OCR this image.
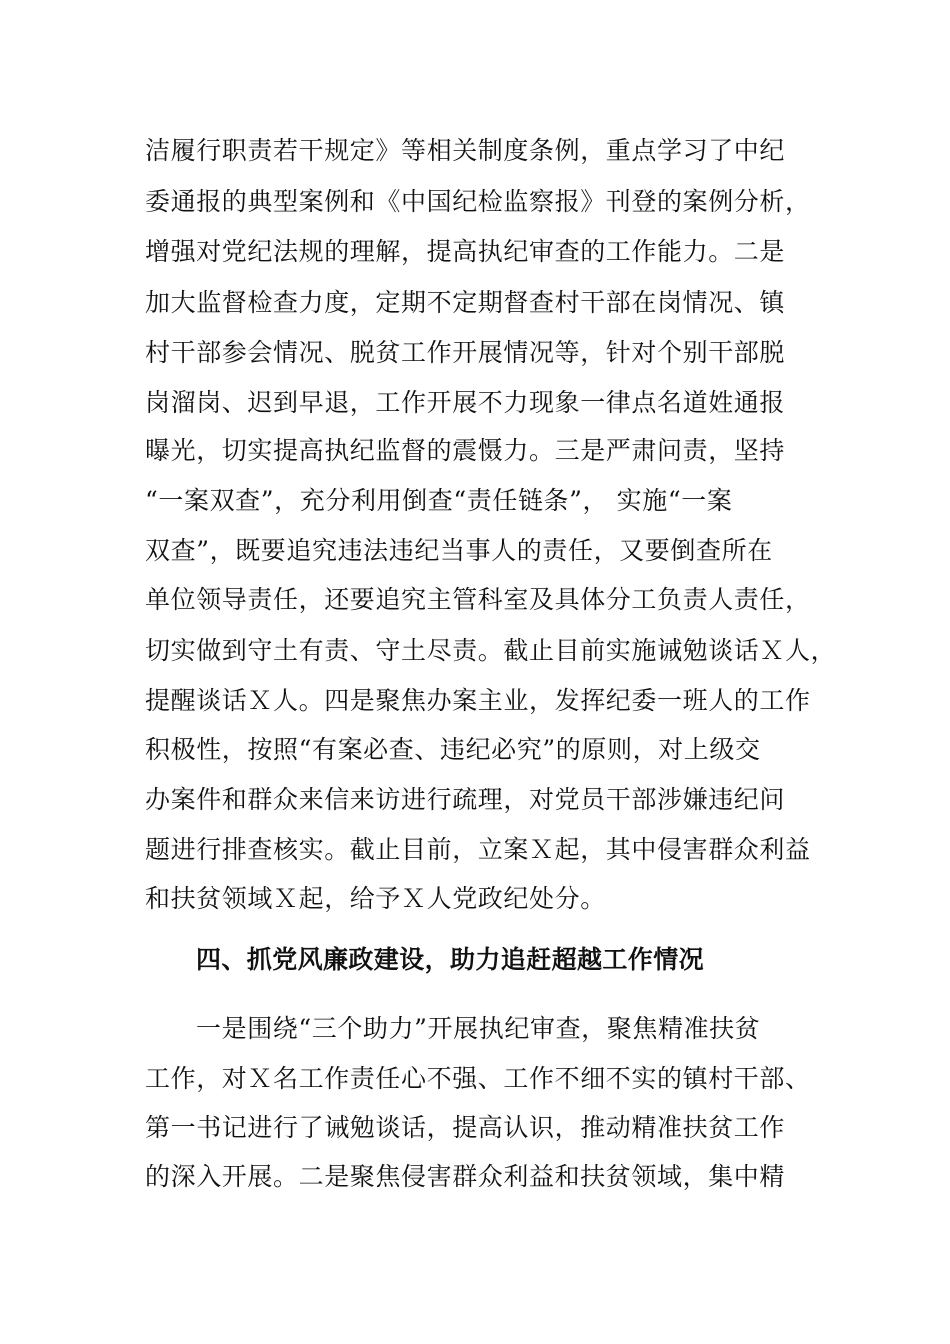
洁履行职责若干规定》等相关制度条例，重点学习了中纪
委通报的典型案例和《中国纪检监察报》刊登的案例分析，
增强对党纪法规的理解，提高执纪审查的工作能力。二是
加大监督检查力度，定期不定期督查村干部在岗情况、镇
村干部参会情况、脱贫工作开展情况等，针对个别干部脱
岗溜岗、迟到早退，工作开展不力现象一律点名道姓通报
曝光，切实提高执纪监督的震慑力。三是严肃问责，坚持
“一案双查”，充分利用倒查“责任链条”， 实施“一案
双查”，既要追究违法违纪当事人的责任，又要倒查所在
单位领导责任，还要追究主管科室及具体分工负责人责任，
切实做到守土有责、守土尽责。截止目前实施诫勉谈话Ｘ人，
提醒谈话Ｘ人。四是聚焦办案主业，发挥纪委一班人的工作
积极性，按照“有案必查、违纪必究”的原则，对上级交
办案件和群众来信来访进行疏理，对党员干部涉嫌违纪问
题进行排查核实。截止目前，立案Ｘ起，其中侵害群众利益
和扶贫领域Ｘ起，给予Ｘ人党政纪处分。
四、抓党风廉政建设，助力追赶超越工作情况
一是围绕“三个助力”开展执纪审查，聚焦精准扶贫
工作，对Ｘ名工作责任心不强、工作不细不实的镇村干部、
第一书记进行了诫勉谈话，提高认识，推动精准扶贫工作
的深入开展。二是聚焦侵害群众利益和扶贫领域，集中精
